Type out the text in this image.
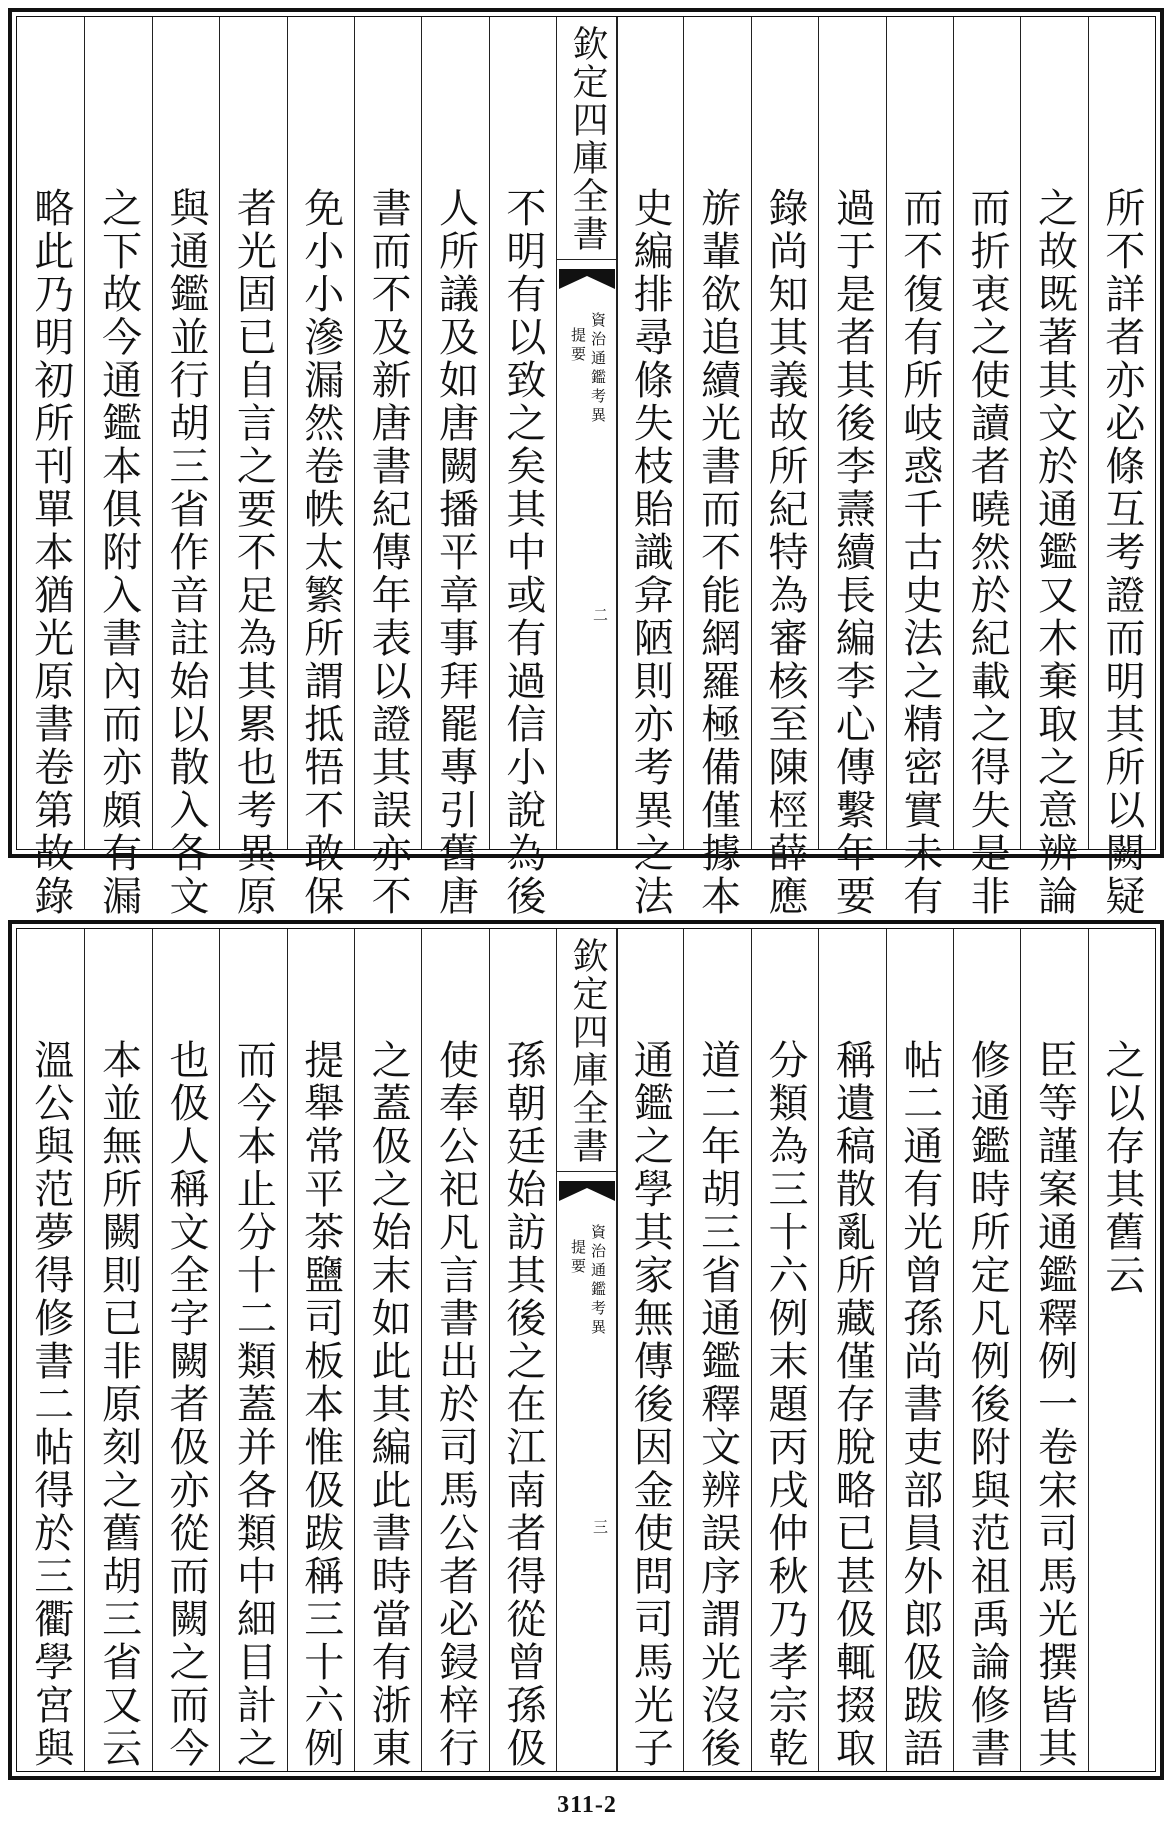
所不詳者亦必條互考證而明其所以闕疑
之故既著其文於通鑑又木棄取之意辨論
而折衷之使讀者曉然於紀載之得失是非
而不復有所岐惑千古史法之精密實未有
過于是者其後李燾續長編李心傳繫年要
錄尚知其義故所紀特為審核至陳桱薛應
旂輩欲追續光書而不能網羅極備僅據本
史編排尋條失枝貽識弇陋則亦考異之法
不明有以致之矣其中或有過信小說為後
人所議及如唐闕播平章事拜罷專引舊唐
書而不及新唐書紀傳年表以證其誤亦不
免小小滲漏然卷帙太繁所謂抵牾不敢保
者光固已自言之要不足為其累也考異原
與通鑑並行胡三省作音註始以散入各文
之下故今通鑑本俱附入書內而亦頗有漏
略此乃明初所刊單本猶光原書卷第故錄
欽定四庫全書
資治通鑑考異
提要
二
之以存其舊云
臣等謹案通鑑釋例一卷宋司馬光撰皆其
修通鑑時所定凡例後附與范祖禹論修書
帖二通有光曾孫尚書吏部員外郎伋跋語
稱遺稿散亂所藏僅存脫略已甚伋輒掇取
分類為三十六例末題丙戌仲秋乃孝宗乾
道二年胡三省通鑑釋文辨誤序謂光沒後
通鑑之學其家無傳後因金使問司馬光子
孫朝廷始訪其後之在江南者得從曾孫伋
使奉公祀凡言書出於司馬公者必鋟梓行
之蓋伋之始末如此其編此書時當有浙東
提舉常平茶鹽司板本惟伋跋稱三十六例
而今本止分十二類蓋并各類中細目計之
也伋人稱文全字闕者伋亦從而闕之而今
本並無所闕則已非原刻之舊胡三省又云
溫公與范夢得修書二帖得於三衢學宮與	欽定四庫全書
資治通鑑考異
提要
三
311-2
